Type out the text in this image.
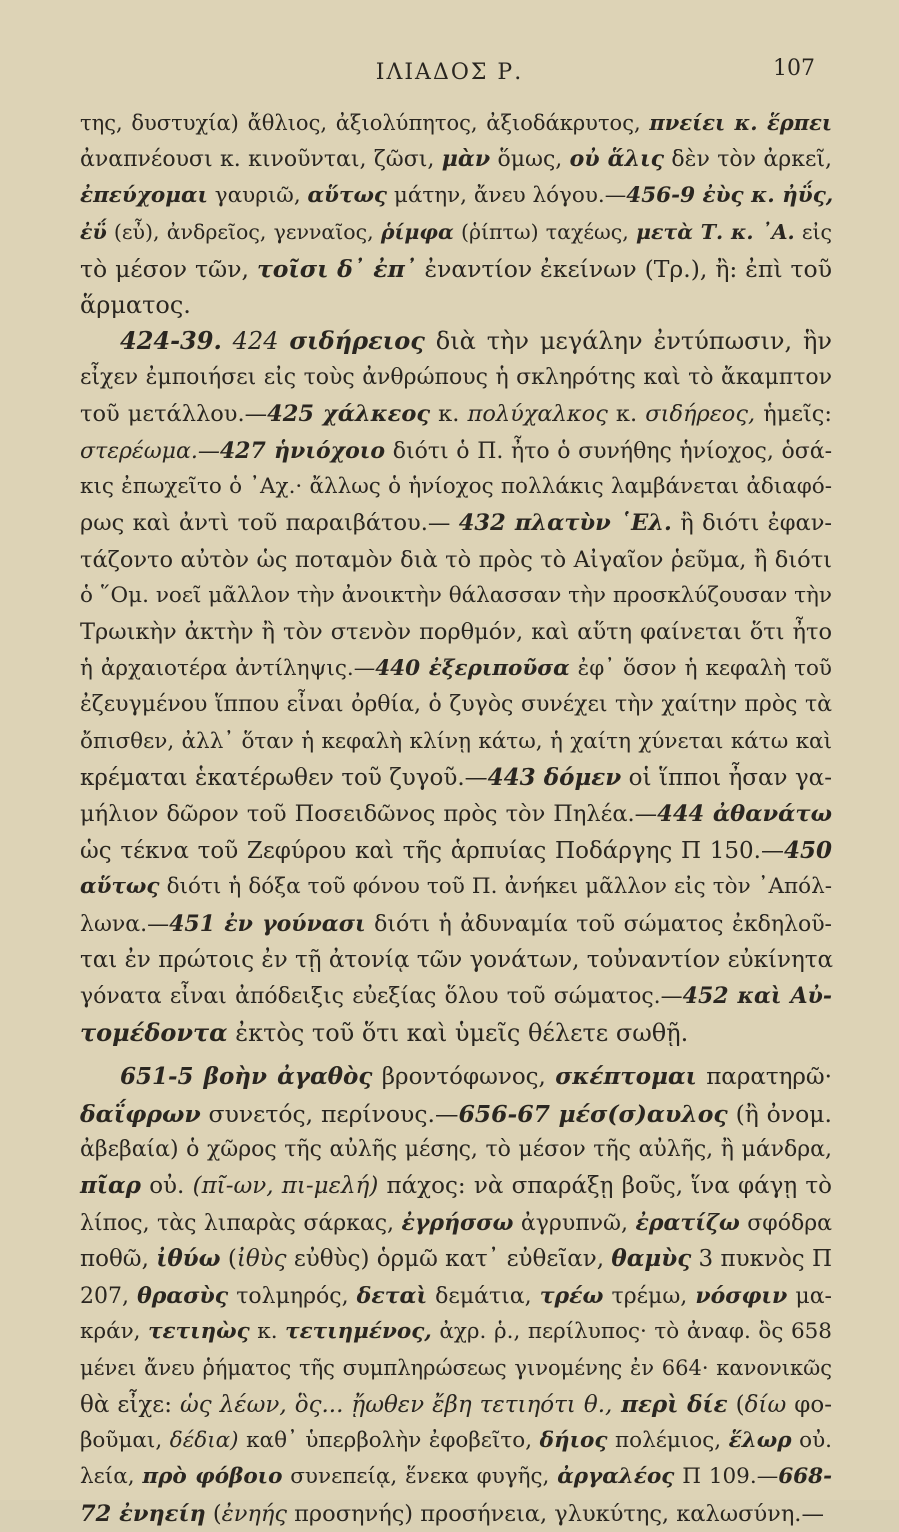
ΙΛΙΑΔΟΣ Ρ.	107
της, δυστυχία) ἄθλιος, ἀξιολύπητος, ἀξιοδάκρυτος, πνείει κ. ἕρπει
ἀναπνέουσι κ. κινοῦνται, ζῶσι, μὰν ὅμως, οὐ ἅλις δὲν τὸν ἀρκεῖ,
ἐπεύχομαι γαυριῶ, αὕτως μάτην, ἄνευ λόγου.—456-9 ἐὺς κ. ἠΰς,
ἐΰ (εὖ), ἀνδρεῖος, γενναῖος, ῥίμφα (ῥίπτω) ταχέως, μετὰ Τ. κ. ᾿Α. εἰς
τὸ μέσον τῶν, τοῖσι δ᾿ ἐπ᾿ ἐναντίον ἐκείνων (Τρ.), ἢ: ἐπὶ τοῦ
ἅρματος.
424-39. 424 σιδήρειος διὰ τὴν μεγάλην ἐντύπωσιν, ἣν
εἶχεν ἐμποιήσει εἰς τοὺς ἀνθρώπους ἡ σκληρότης καὶ τὸ ἄκαμπτον
τοῦ μετάλλου.—425 χάλκεος κ. πολύχαλκος κ. σιδήρεος, ἡμεῖς:
στερέωμα.—427 ἡνιόχοιο διότι ὁ Π. ἦτο ὁ συνήθης ἡνίοχος, ὁσά-
κις ἐπωχεῖτο ὁ ᾿Αχ.· ἄλλως ὁ ἡνίοχος πολλάκις λαμβάνεται ἀδιαφό-
ρως καὶ ἀντὶ τοῦ παραιβάτου.— 432 πλατὺν ῾Ελ. ἢ διότι ἐφαν-
τάζοντο αὐτὸν ὡς ποταμὸν διὰ τὸ πρὸς τὸ Αἰγαῖον ῥεῦμα, ἢ διότι
ὁ ῞Ομ. νοεῖ μᾶλλον τὴν ἀνοικτὴν θάλασσαν τὴν προσκλύζουσαν τὴν
Τρωικὴν ἀκτὴν ἢ τὸν στενὸν πορθμόν, καὶ αὕτη φαίνεται ὅτι ἦτο
ἡ ἀρχαιοτέρα ἀντίληψις.—440 ἐξεριποῦσα ἐφ᾿ ὅσον ἡ κεφαλὴ τοῦ
ἐζευγμένου ἵππου εἶναι ὀρθία, ὁ ζυγὸς συνέχει τὴν χαίτην πρὸς τὰ
ὄπισθεν, ἀλλ᾿ ὅταν ἡ κεφαλὴ κλίνῃ κάτω, ἡ χαίτη χύνεται κάτω καὶ
κρέμαται ἑκατέρωθεν τοῦ ζυγοῦ.—443 δόμεν οἱ ἵπποι ἦσαν γα-
μήλιον δῶρον τοῦ Ποσειδῶνος πρὸς τὸν Πηλέα.—444 ἀθανάτω
ὡς τέκνα τοῦ Ζεφύρου καὶ τῆς ἁρπυίας Ποδάργης Π 150.—450
αὕτως διότι ἡ δόξα τοῦ φόνου τοῦ Π. ἀνήκει μᾶλλον εἰς τὸν ᾿Απόλ-
λωνα.—451 ἐν γούνασι διότι ἡ ἀδυναμία τοῦ σώματος ἐκδηλοῦ-
ται ἐν πρώτοις ἐν τῇ ἀτονίᾳ τῶν γονάτων, τοὐναντίον εὐκίνητα
γόνατα εἶναι ἀπόδειξις εὐεξίας ὅλου τοῦ σώματος.—452 καὶ Αὐ-
τομέδοντα ἐκτὸς τοῦ ὅτι καὶ ὑμεῖς θέλετε σωθῇ.
651-5 βοὴν ἀγαθὸς βροντόφωνος, σκέπτομαι παρατηρῶ·
δαΐφρων συνετός, περίνους.—656-67 μέσ(σ)αυλος (ἢ ὀνομ.
ἀβεβαία) ὁ χῶρος τῆς αὐλῆς μέσης, τὸ μέσον τῆς αὐλῆς, ἢ μάνδρα,
πῖαρ οὐ. (πῖ-ων, πι-μελή) πάχος: νὰ σπαράξῃ βοῦς, ἵνα φάγῃ τὸ
λίπος, τὰς λιπαρὰς σάρκας, ἐγρήσσω ἀγρυπνῶ, ἐρατίζω σφόδρα
ποθῶ, ἰθύω (ἰθὺς εὐθὺς) ὁρμῶ κατ᾿ εὐθεῖαν, θαμὺς 3 πυκνὸς Π
207, θρασὺς τολμηρός, δεταὶ δεμάτια, τρέω τρέμω, νόσφιν μα-
κράν, τετιηὼς κ. τετιημένος, ἀχρ. ῥ., περίλυπος· τὸ ἀναφ. ὃς 658
μένει ἄνευ ῥήματος τῆς συμπληρώσεως γινομένης ἐν 664· κανονικῶς
θὰ εἶχε: ὡς λέων, ὃς... ᾔωθεν ἔβη τετιηότι θ., περὶ δίε (δίω φο-
βοῦμαι, δέδια) καθ᾿ ὑπερβολὴν ἐφοβεῖτο, δήιος πολέμιος, ἕλωρ οὐ.
λεία, πρὸ φόβοιο συνεπείᾳ, ἕνεκα φυγῆς, ἀργαλέος Π 109.—668-
72 ἐνηείη (ἐνηής προσηνής) προσήνεια, γλυκύτης, καλωσύνη.—
